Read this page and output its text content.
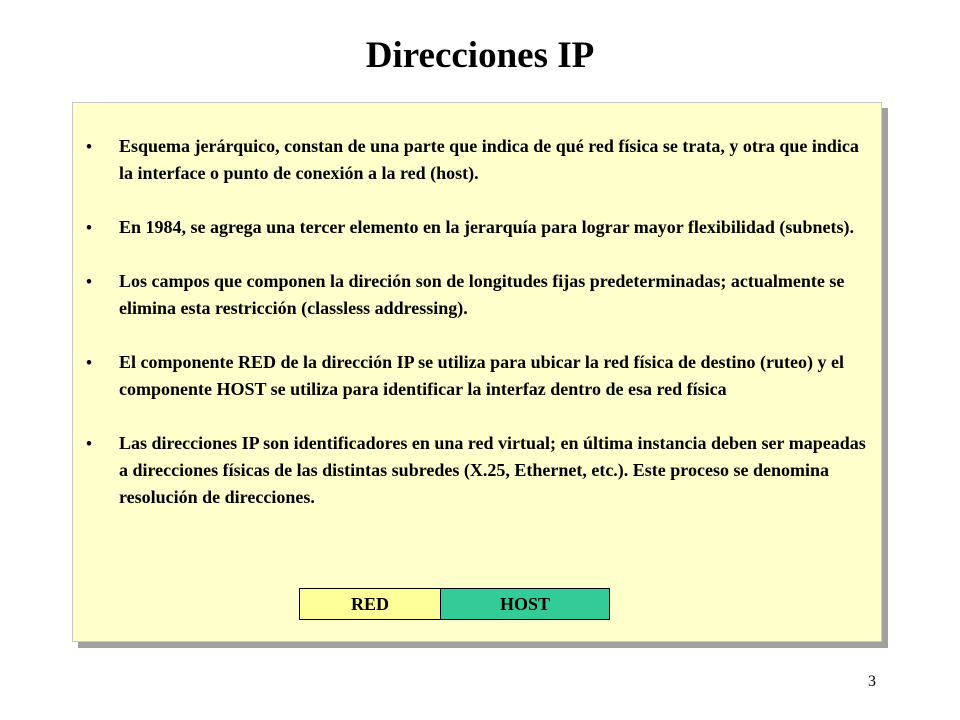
Direcciones IP
• Esquema jerárquico, constan de una parte que indica de qué red física se trata, y otra que indica la interface o punto de conexión a la red (host).
• En 1984, se agrega una tercer elemento en la jerarquía para lograr mayor flexibilidad (subnets).
• Los campos que componen la direción son de longitudes fijas predeterminadas; actualmente se elimina esta restricción (classless addressing).
• El componente RED de la dirección IP se utiliza para ubicar la red física de destino (ruteo) y el componente HOST se utiliza para identificar la interfaz dentro de esa red física
• Las direcciones IP son identificadores en una red virtual; en última instancia deben ser mapeadas a direcciones físicas de las distintas subredes (X.25, Ethernet, etc.). Este proceso se denomina resolución de direcciones.
RED	HOST
3
